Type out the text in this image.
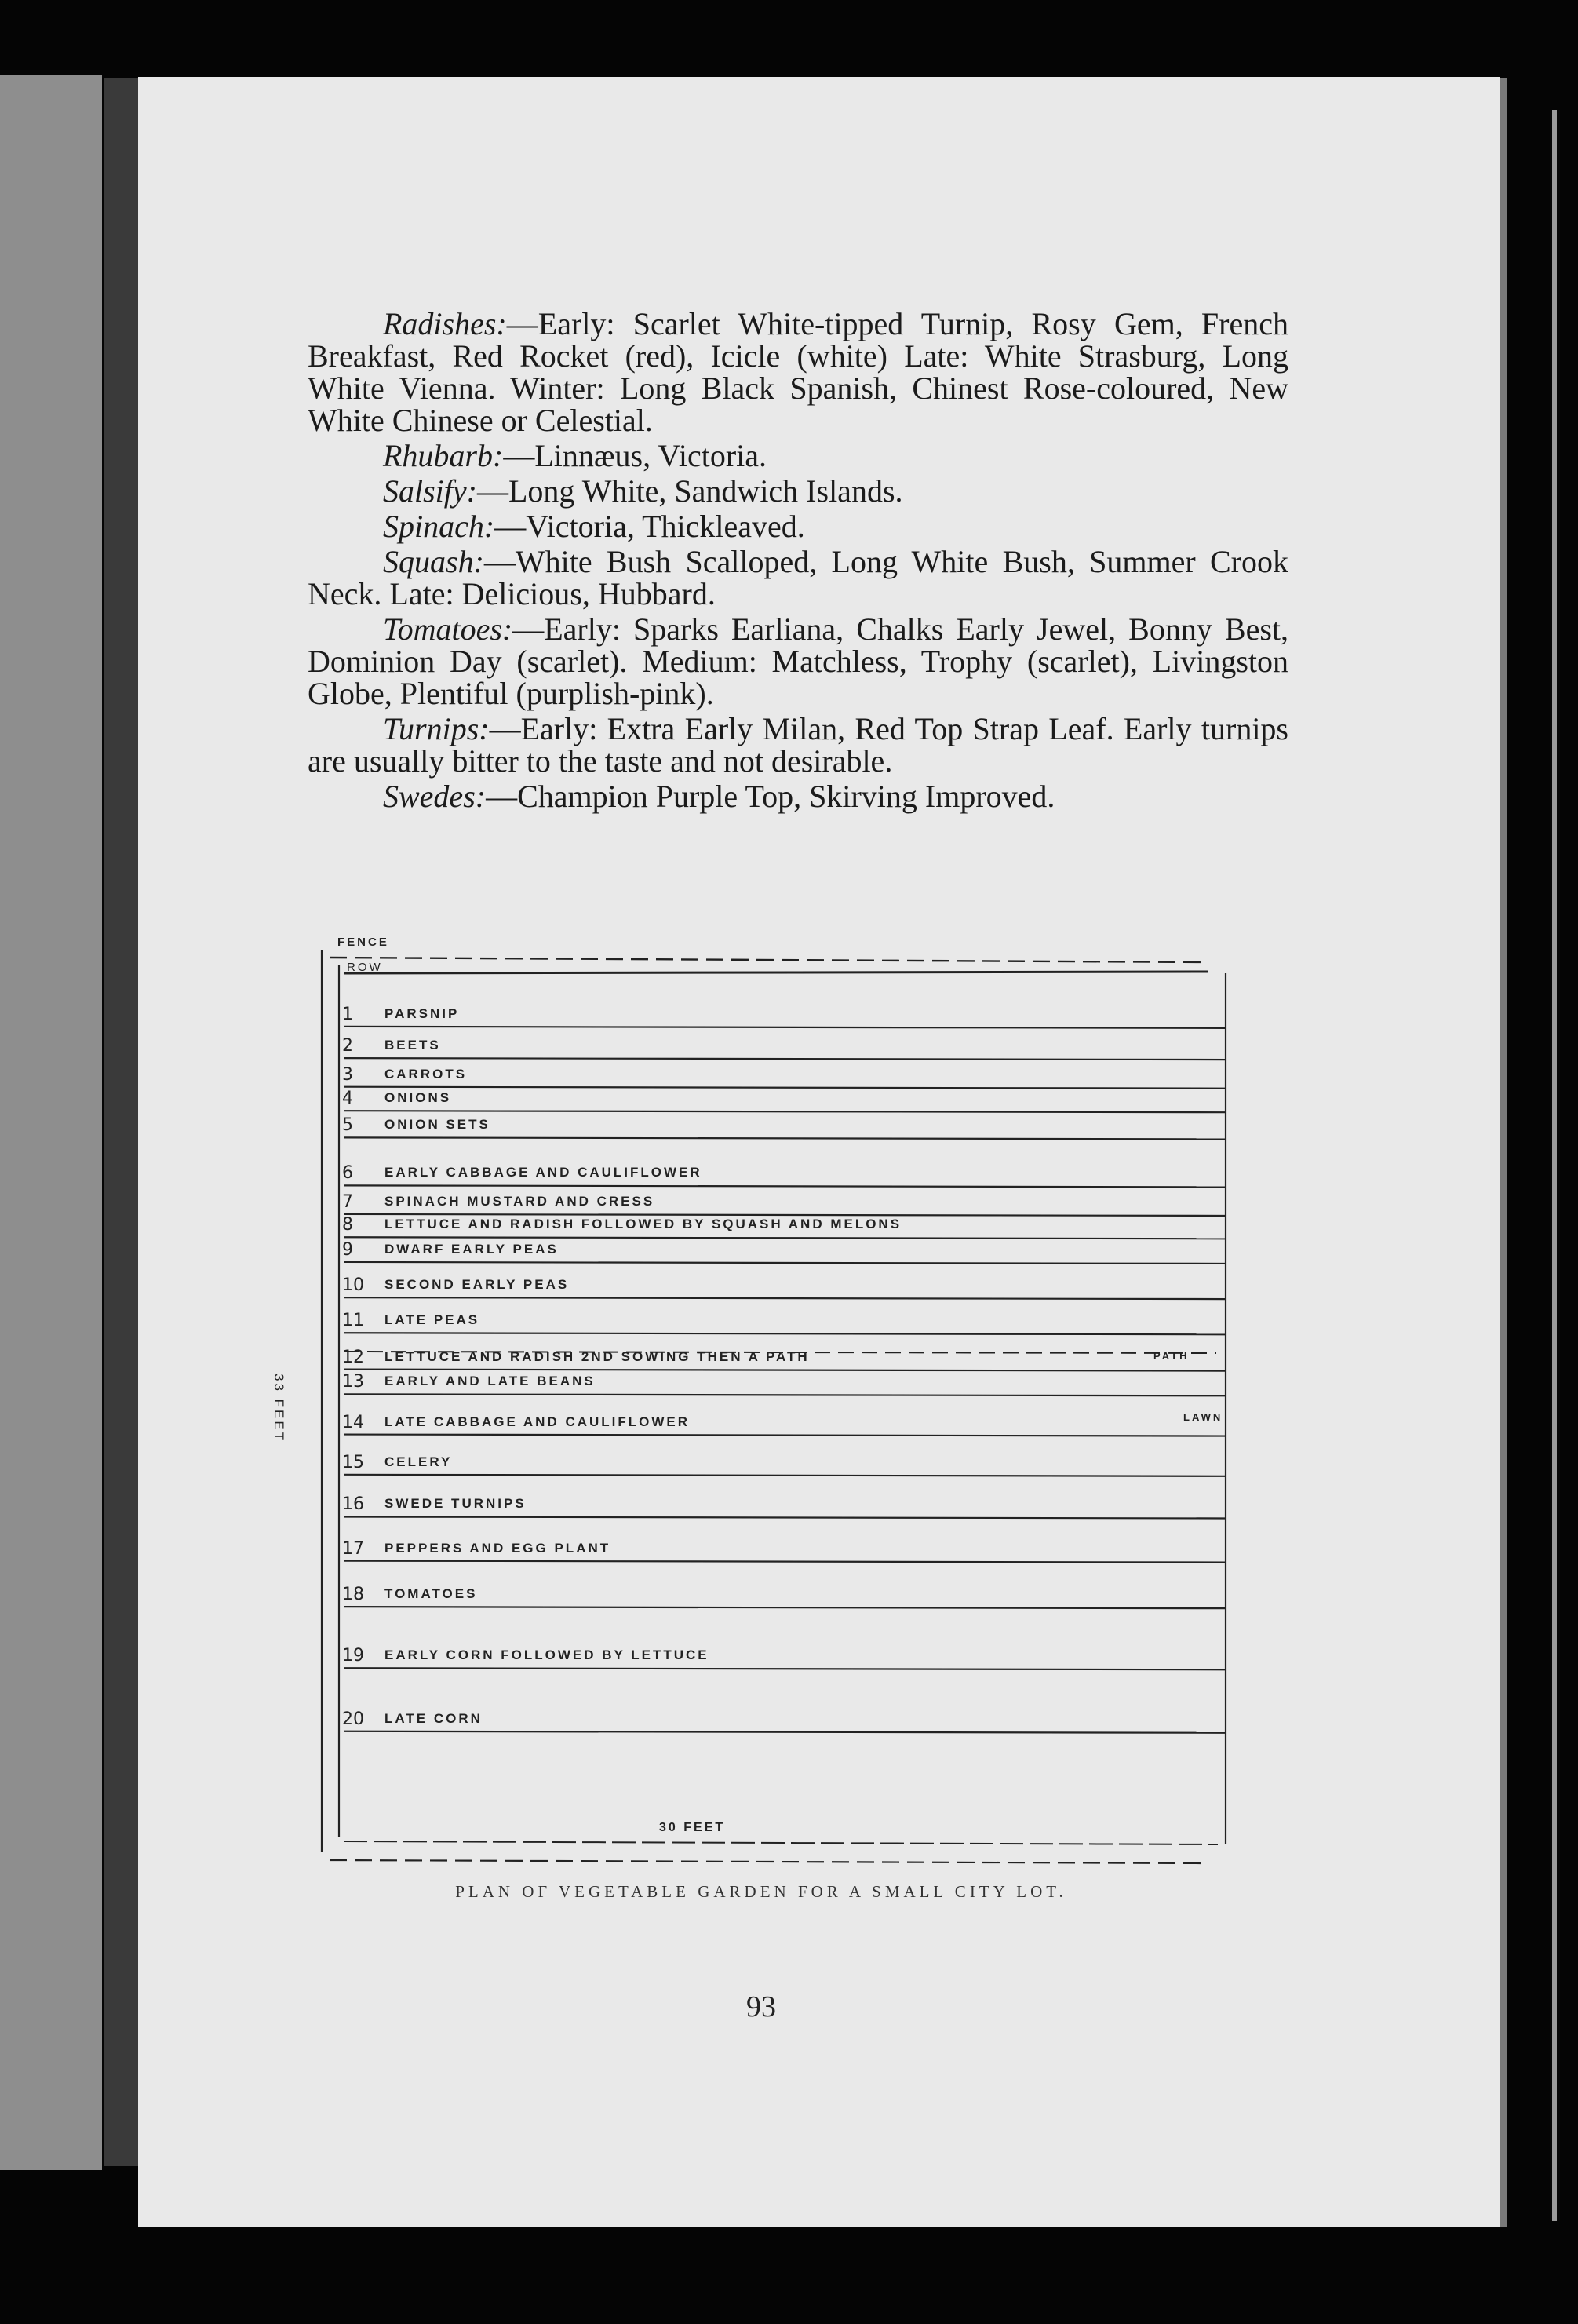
Radishes:—Early: Scarlet White-tipped Turnip, Rosy Gem, French Breakfast, Red Rocket (red), Icicle (white) Late: White Strasburg, Long White Vienna. Winter: Long Black Spanish, Chinest Rose-coloured, New White Chinese or Celestial.

Rhubarb:—Linnæus, Victoria.

Salsify:—Long White, Sandwich Islands.

Spinach:—Victoria, Thickleaved.

Squash:—White Bush Scalloped, Long White Bush, Summer Crook Neck. Late: Delicious, Hubbard.

Tomatoes:—Early: Sparks Earliana, Chalks Early Jewel, Bonny Best, Dominion Day (scarlet). Medium: Matchless, Trophy (scarlet), Livingston Globe, Plentiful (purplish-pink).

Turnips:—Early: Extra Early Milan, Red Top Strap Leaf. Early turnips are usually bitter to the taste and not desirable.

Swedes:—Champion Purple Top, Skirving Improved.

FENCE
ROW
1 PARSNIP
2 BEETS
3 CARROTS
4 ONIONS
5 ONION SETS
6 EARLY CABBAGE AND CAULIFLOWER
7 SPINACH MUSTARD AND CRESS
8 LETTUCE AND RADISH FOLLOWED BY SQUASH AND MELONS
9 DWARF EARLY PEAS
10 SECOND EARLY PEAS
11 LATE PEAS
12 LETTUCE AND RADISH 2ND SOWING THEN A PATH
13 EARLY AND LATE BEANS
14 LATE CABBAGE AND CAULIFLOWER
15 CELERY
16 SWEDE TURNIPS
17 PEPPERS AND EGG PLANT
18 TOMATOES
19 EARLY CORN FOLLOWED BY LETTUCE
20 LATE CORN
PATH
LAWN
33 FEET
30 FEET
PLAN OF VEGETABLE GARDEN FOR A SMALL CITY LOT.
93
